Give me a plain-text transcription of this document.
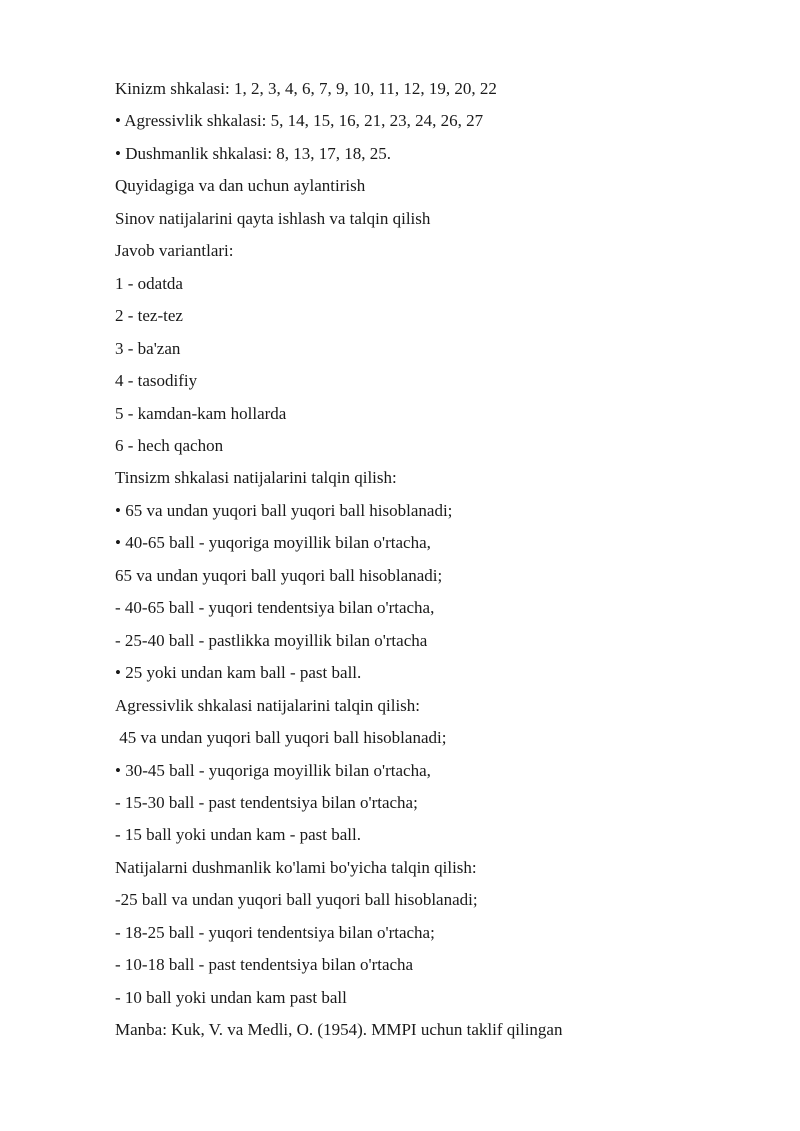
Kinizm shkalasi: 1, 2, 3, 4, 6, 7, 9, 10, 11, 12, 19, 20, 22
• Agressivlik shkalasi: 5, 14, 15, 16, 21, 23, 24, 26, 27
• Dushmanlik shkalasi: 8, 13, 17, 18, 25.
Quyidagiga va dan uchun aylantirish
Sinov natijalarini qayta ishlash va talqin qilish
Javob variantlari:
1 - odatda
2 - tez-tez
3 - ba'zan
4 - tasodifiy
5 - kamdan-kam hollarda
6 - hech qachon
Tinsizm shkalasi natijalarini talqin qilish:
• 65 va undan yuqori ball yuqori ball hisoblanadi;
• 40-65 ball - yuqoriga moyillik bilan o'rtacha,
65 va undan yuqori ball yuqori ball hisoblanadi;
- 40-65 ball - yuqori tendentsiya bilan o'rtacha,
- 25-40 ball - pastlikka moyillik bilan o'rtacha
• 25 yoki undan kam ball - past ball.
Agressivlik shkalasi natijalarini talqin qilish:
45 va undan yuqori ball yuqori ball hisoblanadi;
• 30-45 ball - yuqoriga moyillik bilan o'rtacha,
- 15-30 ball - past tendentsiya bilan o'rtacha;
- 15 ball yoki undan kam - past ball.
Natijalarni dushmanlik ko'lami bo'yicha talqin qilish:
-25 ball va undan yuqori ball yuqori ball hisoblanadi;
- 18-25 ball - yuqori tendentsiya bilan o'rtacha;
- 10-18 ball - past tendentsiya bilan o'rtacha
- 10 ball yoki undan kam past ball
Manba: Kuk, V. va Medli, O. (1954). MMPI uchun taklif qilingan
